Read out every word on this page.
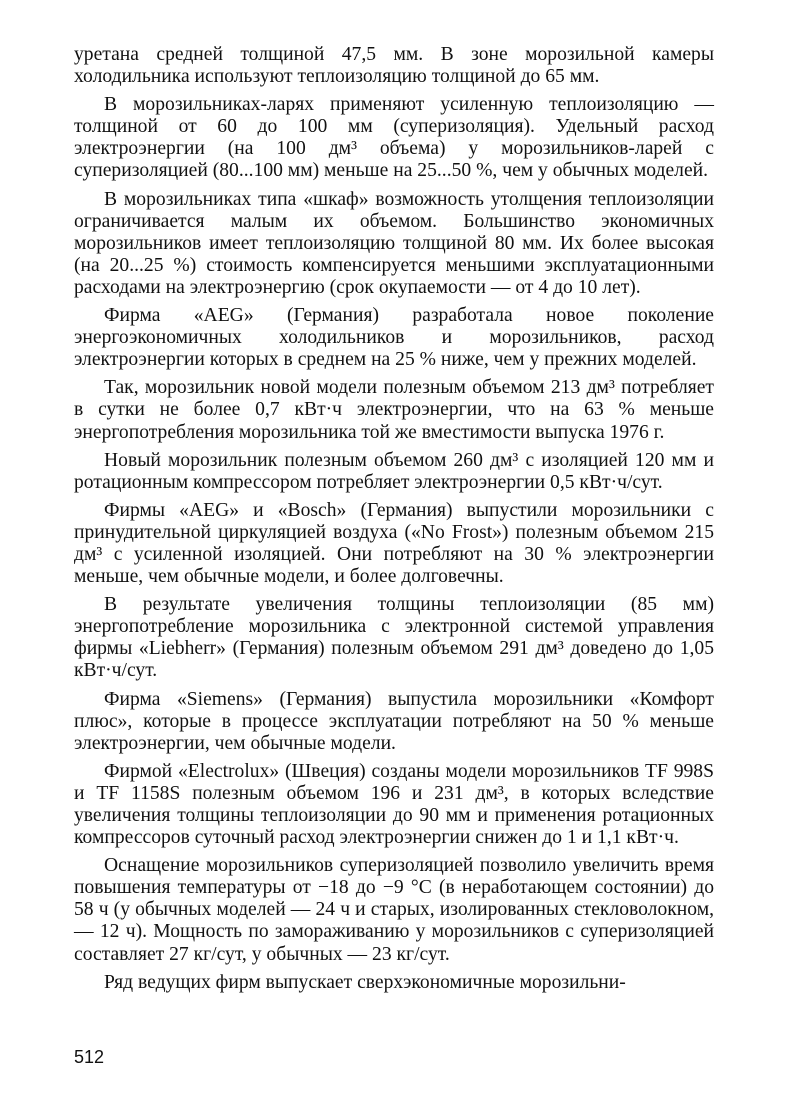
уретана средней толщиной 47,5 мм. В зоне морозильной камеры холодильника используют теплоизоляцию толщиной до 65 мм.

В морозильниках-ларях применяют усиленную теплоизоляцию — толщиной от 60 до 100 мм (суперизоляция). Удельный расход электроэнергии (на 100 дм³ объема) у морозильников-ларей с суперизоляцией (80...100 мм) меньше на 25...50 %, чем у обычных моделей.

В морозильниках типа «шкаф» возможность утолщения теплоизоляции ограничивается малым их объемом. Большинство экономичных морозильников имеет теплоизоляцию толщиной 80 мм. Их более высокая (на 20...25 %) стоимость компенсируется меньшими эксплуатационными расходами на электроэнергию (срок окупаемости — от 4 до 10 лет).

Фирма «AEG» (Германия) разработала новое поколение энергоэкономичных холодильников и морозильников, расход электроэнергии которых в среднем на 25 % ниже, чем у прежних моделей.

Так, морозильник новой модели полезным объемом 213 дм³ потребляет в сутки не более 0,7 кВт·ч электроэнергии, что на 63 % меньше энергопотребления морозильника той же вместимости выпуска 1976 г.

Новый морозильник полезным объемом 260 дм³ с изоляцией 120 мм и ротационным компрессором потребляет электроэнергии 0,5 кВт·ч/сут.

Фирмы «AEG» и «Bosch» (Германия) выпустили морозильники с принудительной циркуляцией воздуха («No Frost») полезным объемом 215 дм³ с усиленной изоляцией. Они потребляют на 30 % электроэнергии меньше, чем обычные модели, и более долговечны.

В результате увеличения толщины теплоизоляции (85 мм) энергопотребление морозильника с электронной системой управления фирмы «Liebherr» (Германия) полезным объемом 291 дм³ доведено до 1,05 кВт·ч/сут.

Фирма «Siemens» (Германия) выпустила морозильники «Комфорт плюс», которые в процессе эксплуатации потребляют на 50 % меньше электроэнергии, чем обычные модели.

Фирмой «Electrolux» (Швеция) созданы модели морозильников TF 998S и TF 1158S полезным объемом 196 и 231 дм³, в которых вследствие увеличения толщины теплоизоляции до 90 мм и применения ротационных компрессоров суточный расход электроэнергии снижен до 1 и 1,1 кВт·ч.

Оснащение морозильников суперизоляцией позволило увеличить время повышения температуры от −18 до −9 °С (в неработающем состоянии) до 58 ч (у обычных моделей — 24 ч и старых, изолированных стекловолокном, — 12 ч). Мощность по замораживанию у морозильников с суперизоляцией составляет 27 кг/сут, у обычных — 23 кг/сут.

Ряд ведущих фирм выпускает сверхэкономичные морозильни-

512
